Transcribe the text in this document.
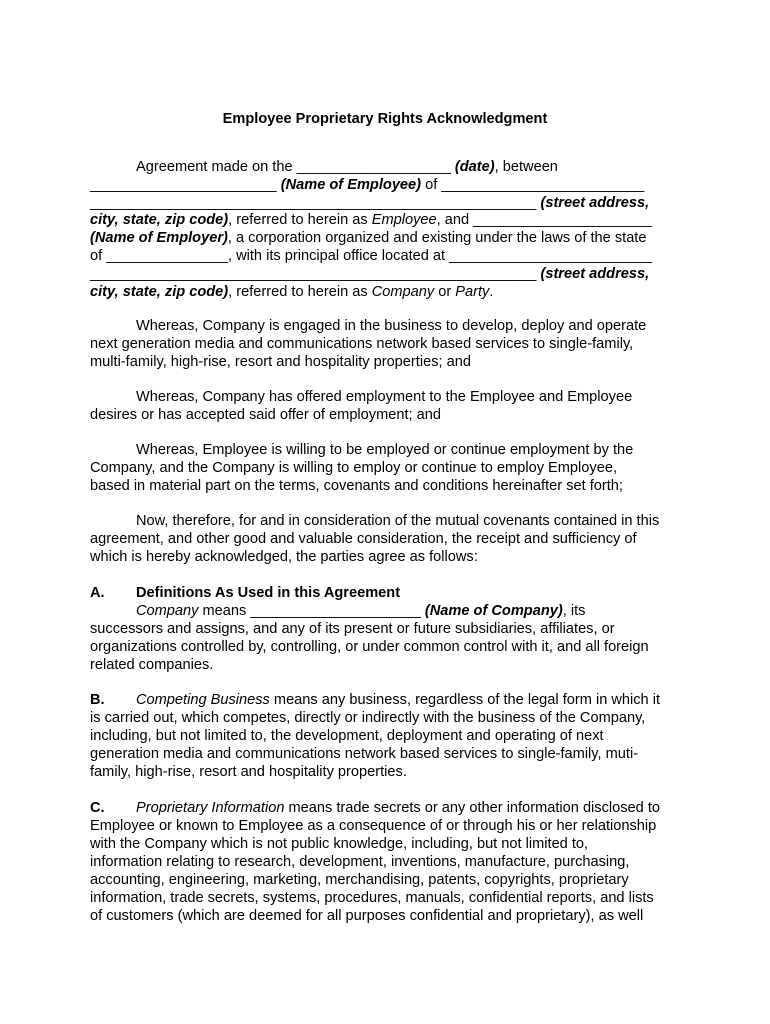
Employee Proprietary Rights Acknowledgment
Agreement made on the ___________________ (date), between
_______________________ (Name of Employee) of _________________________
_______________________________________________________ (street address,
city, state, zip code), referred to herein as Employee, and ______________________
(Name of Employer), a corporation organized and existing under the laws of the state
of _______________, with its principal office located at _________________________
_______________________________________________________ (street address,
city, state, zip code), referred to herein as Company or Party.
Whereas, Company is engaged in the business to develop, deploy and operate
next generation media and communications network based services to single-family,
multi-family, high-rise, resort and hospitality properties; and
Whereas, Company has offered employment to the Employee and Employee
desires or has accepted said offer of employment; and
Whereas, Employee is willing to be employed or continue employment by the
Company, and the Company is willing to employ or continue to employ Employee,
based in material part on the terms, covenants and conditions hereinafter set forth;
Now, therefore, for and in consideration of the mutual covenants contained in this
agreement, and other good and valuable consideration, the receipt and sufficiency of
which is hereby acknowledged, the parties agree as follows:
A. Definitions As Used in this Agreement
Company means _____________________ (Name of Company), its
successors and assigns, and any of its present or future subsidiaries, affiliates, or
organizations controlled by, controlling, or under common control with it, and all foreign
related companies.
B. Competing Business means any business, regardless of the legal form in which it
is carried out, which competes, directly or indirectly with the business of the Company,
including, but not limited to, the development, deployment and operating of next
generation media and communications network based services to single-family, muti-
family, high-rise, resort and hospitality properties.
C. Proprietary Information means trade secrets or any other information disclosed to
Employee or known to Employee as a consequence of or through his or her relationship
with the Company which is not public knowledge, including, but not limited to,
information relating to research, development, inventions, manufacture, purchasing,
accounting, engineering, marketing, merchandising, patents, copyrights, proprietary
information, trade secrets, systems, procedures, manuals, confidential reports, and lists
of customers (which are deemed for all purposes confidential and proprietary), as well
